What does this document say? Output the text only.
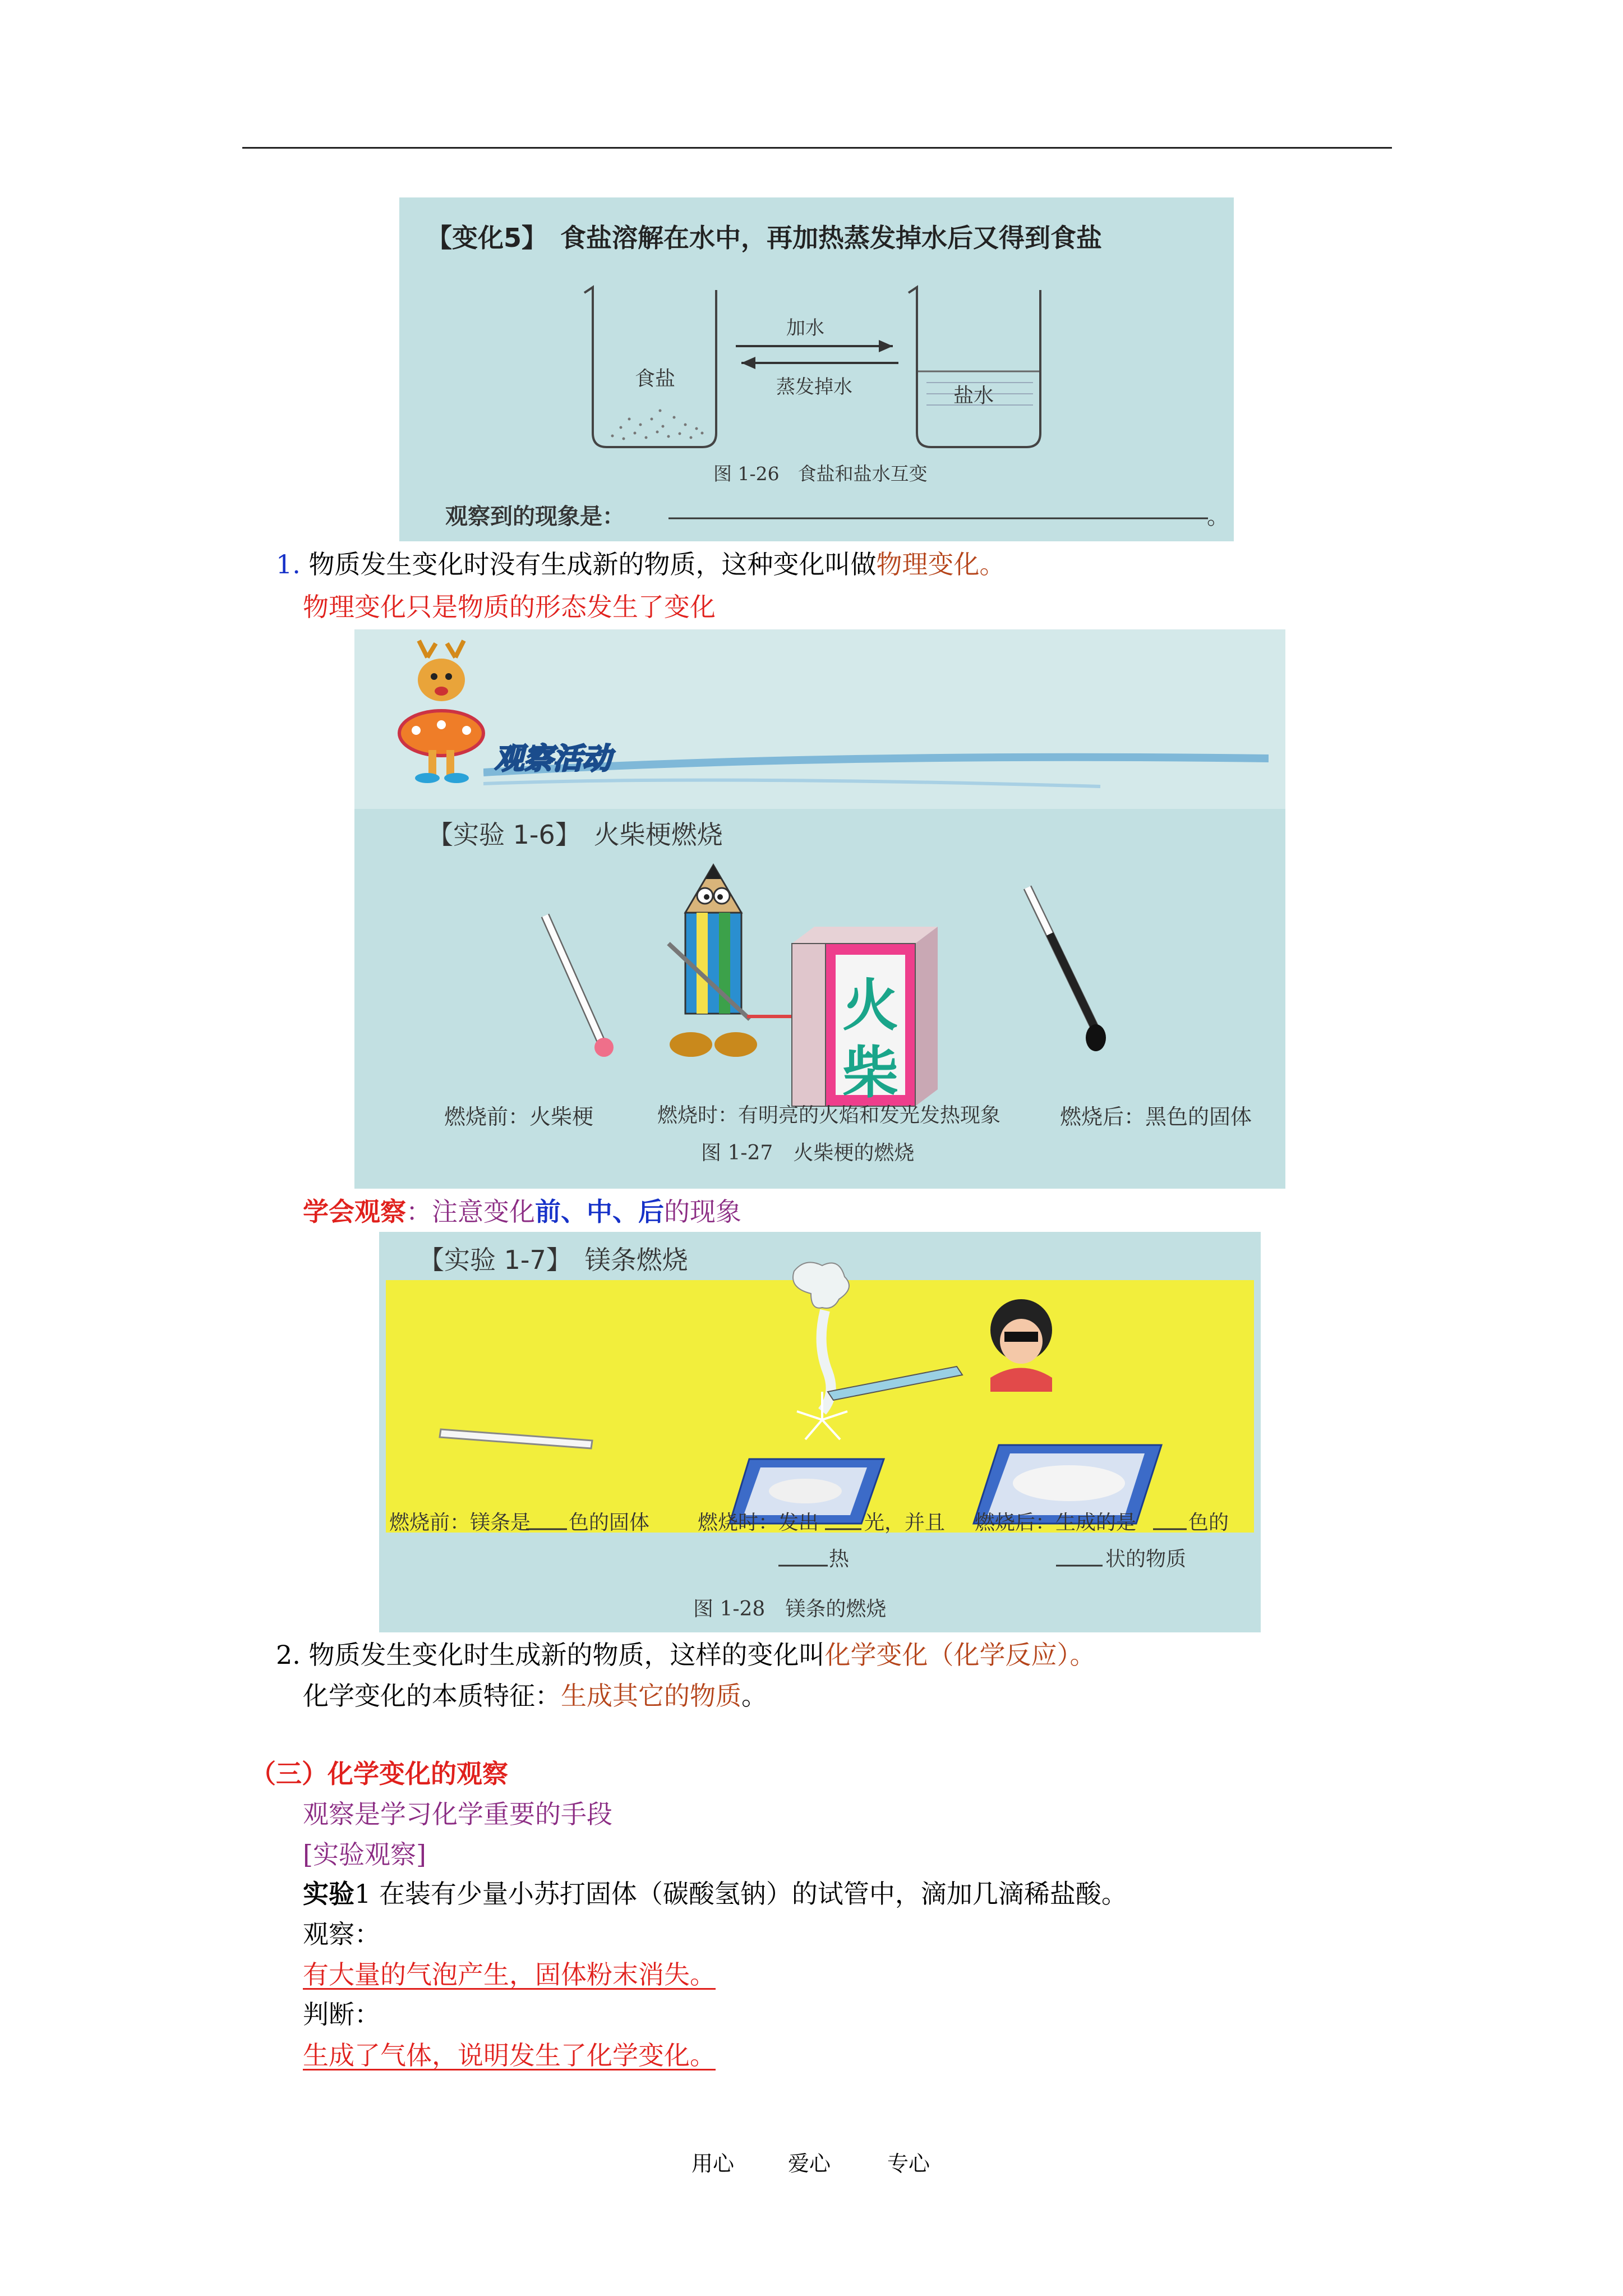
【变化5】　食盐溶解在水中，再加热蒸发掉水后又得到食盐
食盐
加水
蒸发掉水	盐水
图 1-26　食盐和盐水互变
观察到的现象是：	。
1. 物质发生变化时没有生成新的物质，这种变化叫做物理变化。
物理变化只是物质的形态发生了变化
观察活动
【实验 1-6】　火柴梗燃烧
火
柴
燃烧前：火柴梗	燃烧时：有明亮的火焰和发光发热现象	燃烧后：黑色的固体
图 1-27　火柴梗的燃烧
学会观察：注意变化前、中、后的现象
【实验 1-7】　镁条燃烧
燃烧前：镁条是 色的固体 燃烧时：发出 光，并且
热
燃烧后：生成的是	色的
状的物质
图 1-28　镁条的燃烧
2. 物质发生变化时生成新的物质，这样的变化叫化学变化（化学反应）。
化学变化的本质特征：生成其它的物质。
（三）化学变化的观察
观察是学习化学重要的手段
[实验观察]
实验1 在装有少量小苏打固体（碳酸氢钠）的试管中，滴加几滴稀盐酸。
观察：
有大量的气泡产生，固体粉末消失。
判断：
生成了气体，说明发生了化学变化。
用心	爱心	专心
